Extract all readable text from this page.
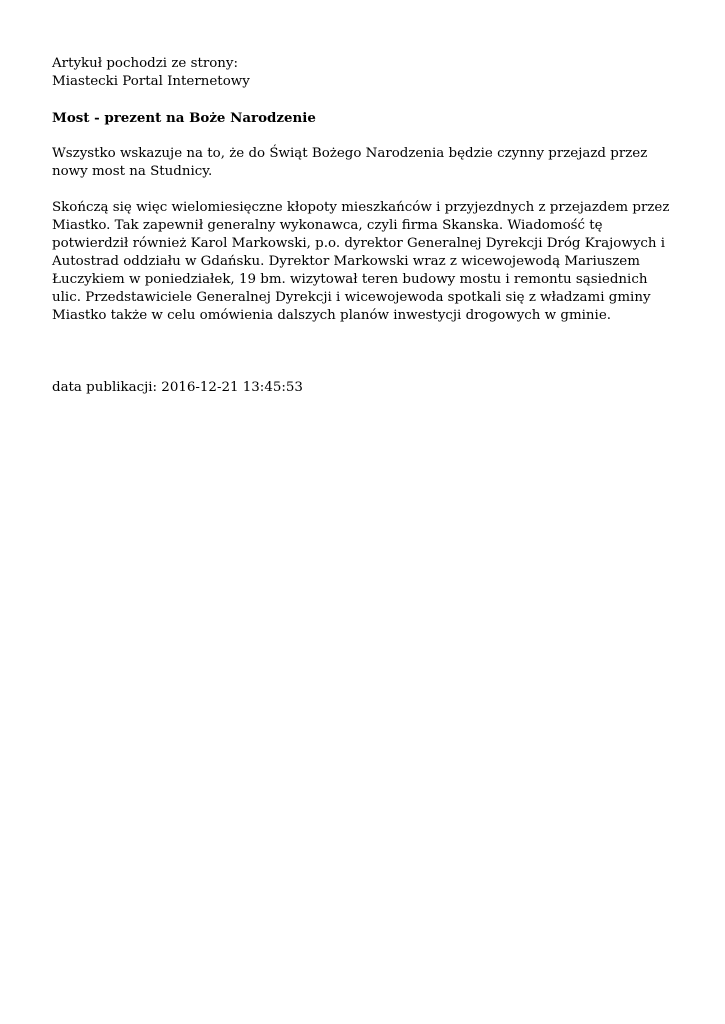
Artykuł pochodzi ze strony:
Miastecki Portal Internetowy
Most - prezent na Boże Narodzenie

Wszystko wskazuje na to, że do Świąt Bożego Narodzenia będzie czynny przejazd przez nowy most na Studnicy.

Skończą się więc wielomiesięczne kłopoty mieszkańców i przyjezdnych z przejazdem przez Miastko. Tak zapewnił generalny wykonawca, czyli firma Skanska. Wiadomość tę potwierdził również Karol Markowski, p.o. dyrektor Generalnej Dyrekcji Dróg Krajowych i Autostrad oddziału w Gdańsku. Dyrektor Markowski wraz z wicewojewodą Mariuszem Łuczykiem w poniedziałek, 19 bm. wizytował teren budowy mostu i remontu sąsiednich ulic. Przedstawiciele Generalnej Dyrekcji i wicewojewoda spotkali się z władzami gminy Miastko także w celu omówienia dalszych planów inwestycji drogowych w gminie.

data publikacji: 2016-12-21 13:45:53
